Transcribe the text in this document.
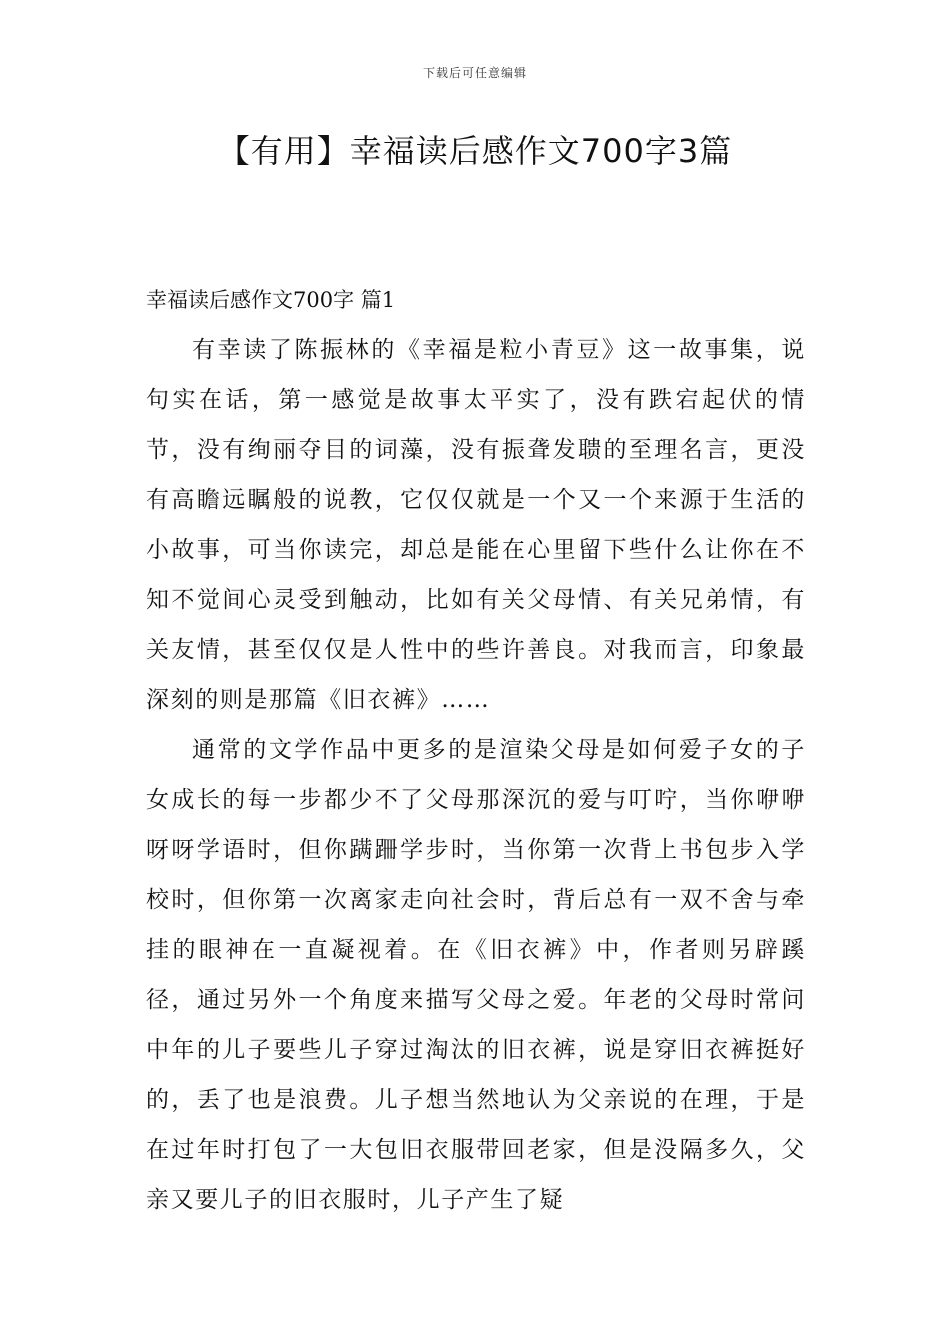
下载后可任意编辑
【有用】幸福读后感作文700字3篇
幸福读后感作文700字 篇1

有幸读了陈振林的《幸福是粒小青豆》这一故事集，说句实在话，第一感觉是故事太平实了，没有跌宕起伏的情节，没有绚丽夺目的词藻，没有振聋发聩的至理名言，更没有高瞻远瞩般的说教，它仅仅就是一个又一个来源于生活的小故事，可当你读完，却总是能在心里留下些什么让你在不知不觉间心灵受到触动，比如有关父母情、有关兄弟情，有关友情，甚至仅仅是人性中的些许善良。对我而言，印象最深刻的则是那篇《旧衣裤》……

通常的文学作品中更多的是渲染父母是如何爱子女的子女成长的每一步都少不了父母那深沉的爱与叮咛，当你咿咿呀呀学语时，但你蹒跚学步时，当你第一次背上书包步入学校时，但你第一次离家走向社会时，背后总有一双不舍与牵挂的眼神在一直凝视着。在《旧衣裤》中，作者则另辟蹊径，通过另外一个角度来描写父母之爱。年老的父母时常问中年的儿子要些儿子穿过淘汰的旧衣裤，说是穿旧衣裤挺好的，丢了也是浪费。儿子想当然地认为父亲说的在理，于是在过年时打包了一大包旧衣服带回老家，但是没隔多久，父亲又要儿子的旧衣服时，儿子产生了疑
